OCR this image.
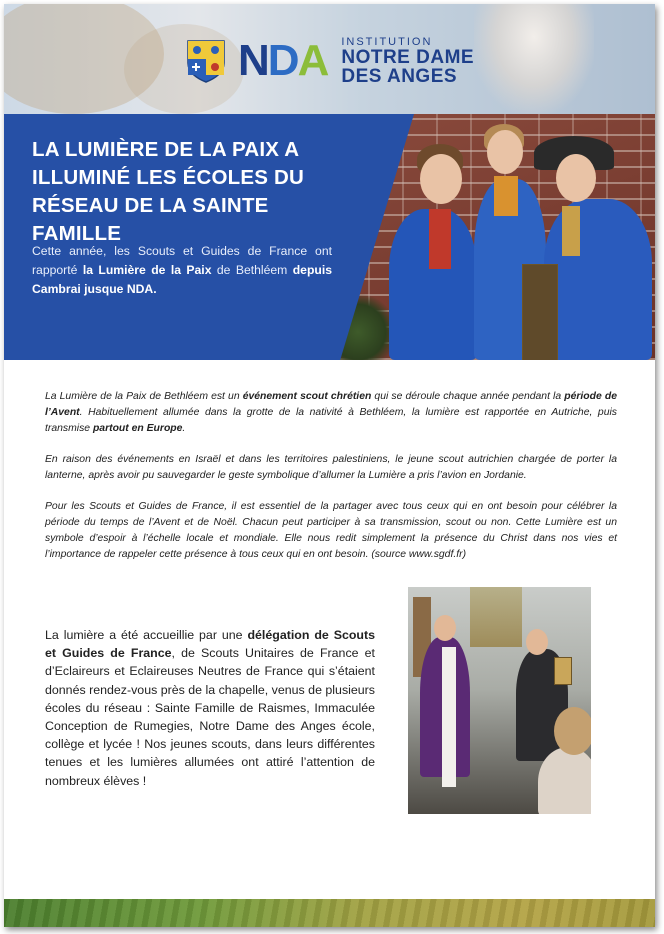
NDA INSTITUTION
NOTRE DAME
DES ANGES
LA LUMIÈRE DE LA PAIX A ILLUMINÉ LES ÉCOLES DU RÉSEAU DE LA SAINTE FAMILLE
Cette année, les Scouts et Guides de France ont rapporté la Lumière de la Paix de Bethléem depuis Cambrai jusque NDA.

La Lumière de la Paix de Bethléem est un événement scout chrétien qui se déroule chaque année pendant la période de l’Avent. Habituellement allumée dans la grotte de la nativité à Bethléem, la lumière est rapportée en Autriche, puis transmise partout en Europe.

En raison des événements en Israël et dans les territoires palestiniens, le jeune scout autrichien chargée de porter la lanterne, après avoir pu sauvegarder le geste symbolique d’allumer la Lumière a pris l’avion en Jordanie.

Pour les Scouts et Guides de France, il est essentiel de la partager avec tous ceux qui en ont besoin pour célébrer la période du temps de l’Avent et de Noël. Chacun peut participer à sa transmission, scout ou non. Cette Lumière est un symbole d’espoir à l’échelle locale et mondiale. Elle nous redit simplement la présence du Christ dans nos vies et l’importance de rappeler cette présence à tous ceux qui en ont besoin. (source www.sgdf.fr)

La lumière a été accueillie par une délégation de Scouts et Guides de France, de Scouts Unitaires de France et d’Eclaireurs et Eclaireuses Neutres de France qui s’étaient donnés rendez-vous près de la chapelle, venus de plusieurs écoles du réseau : Sainte Famille de Raismes, Immaculée Conception de Rumegies, Notre Dame des Anges école, collège et lycée ! Nos jeunes scouts, dans leurs différentes tenues et les lumières allumées ont attiré l’attention de nombreux élèves !
